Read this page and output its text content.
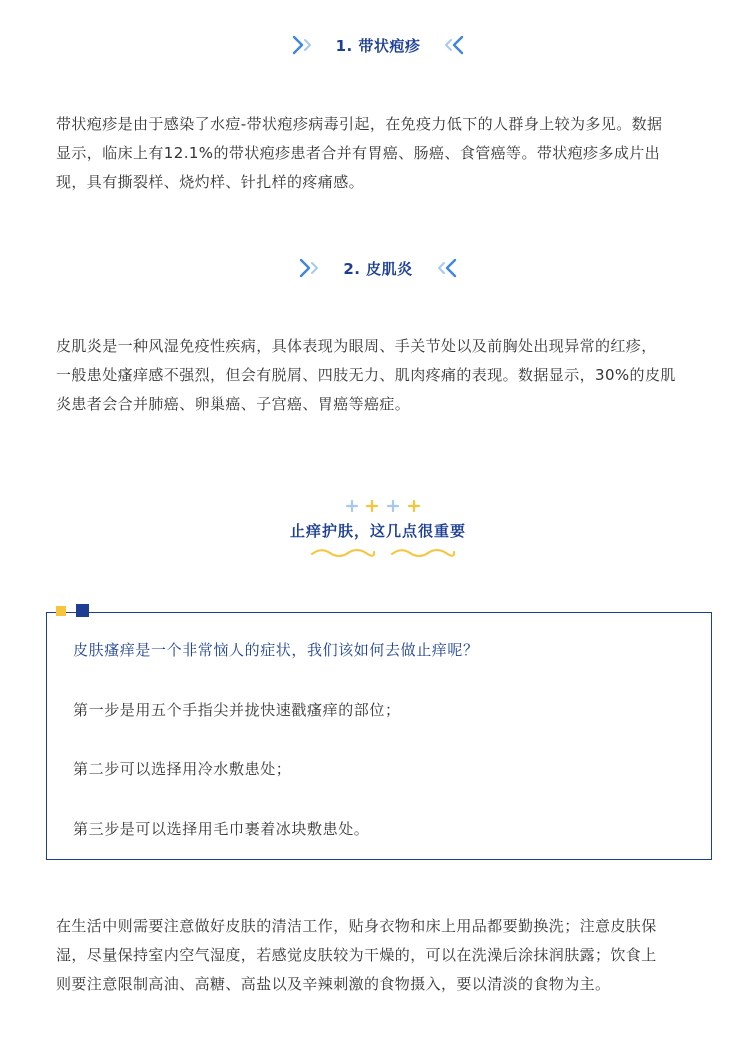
1. 带状疱疹
带状疱疹是由于感染了水痘-带状疱疹病毒引起，在免疫力低下的人群身上较为多见。数据
显示，临床上有12.1%的带状疱疹患者合并有胃癌、肠癌、食管癌等。带状疱疹多成片出
现，具有撕裂样、烧灼样、针扎样的疼痛感。
2. 皮肌炎
皮肌炎是一种风湿免疫性疾病，具体表现为眼周、手关节处以及前胸处出现异常的红疹，
一般患处瘙痒感不强烈，但会有脱屑、四肢无力、肌肉疼痛的表现。数据显示，30%的皮肌
炎患者会合并肺癌、卵巢癌、子宫癌、胃癌等癌症。
止痒护肤，这几点很重要
皮肤瘙痒是一个非常恼人的症状，我们该如何去做止痒呢？
第一步是用五个手指尖并拢快速戳瘙痒的部位；
第二步可以选择用冷水敷患处；
第三步是可以选择用毛巾裹着冰块敷患处。
在生活中则需要注意做好皮肤的清洁工作，贴身衣物和床上用品都要勤换洗；注意皮肤保
湿，尽量保持室内空气湿度，若感觉皮肤较为干燥的，可以在洗澡后涂抹润肤露；饮食上
则要注意限制高油、高糖、高盐以及辛辣刺激的食物摄入，要以清淡的食物为主。
